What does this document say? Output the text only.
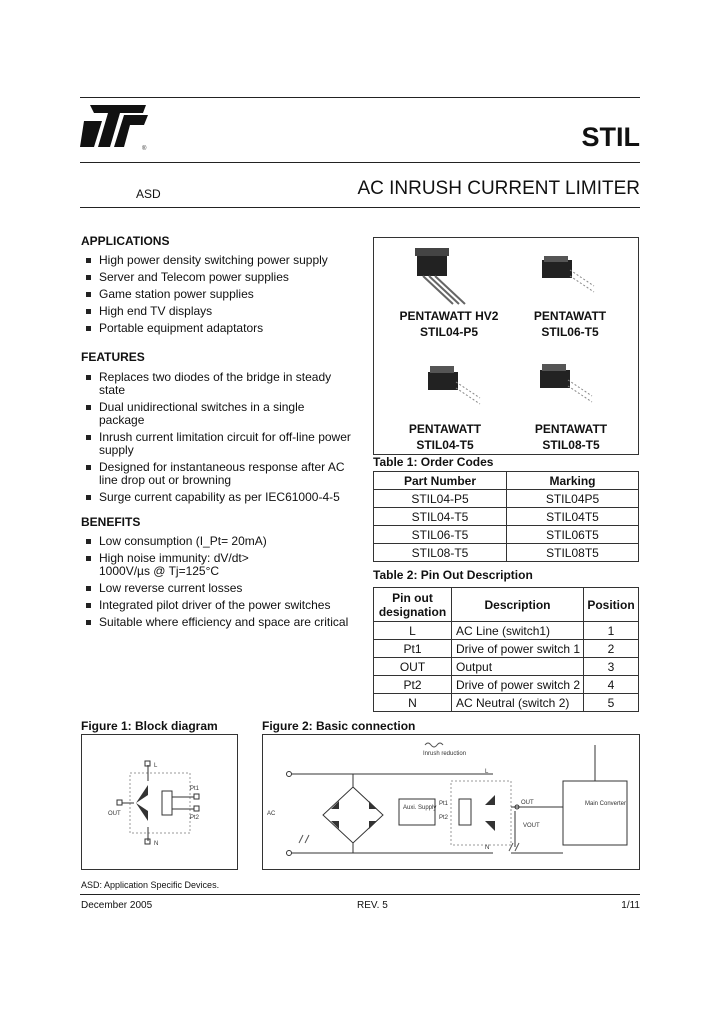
®	STIL
ASD	AC INRUSH CURRENT LIMITER
APPLICATIONS
High power density switching power supply
Server and Telecom power supplies
Game station power supplies
High end TV displays
Portable equipment adaptators
FEATURES
Replaces two diodes of the bridge in steady state
Dual unidirectional switches in a single package
Inrush current limitation circuit for off-line power supply
Designed for instantaneous response after AC line drop out or browning
Surge current capability as per IEC61000-4-5
BENEFITS
Low consumption (I_Pt= 20mA)
High noise immunity: dV/dt> 1000V/µs @ Tj=125°C
Low reverse current losses
Integrated pilot driver of the power switches
Suitable where efficiency and space are critical
PENTAWATT HV2
STIL04-P5
PENTAWATT
STIL06-T5
PENTAWATT
STIL04-T5
PENTAWATT
STIL08-T5
Table 1: Order Codes
Part Number	Marking
STIL04-P5	STIL04P5
STIL04-T5	STIL04T5
STIL06-T5	STIL06T5
STIL08-T5	STIL08T5
Table 2: Pin Out Description
Pin out designation	Description	Position
L	AC Line (switch1)	1
Pt1	Drive of power switch 1	2
OUT	Output	3
Pt2	Drive of power switch 2	4
N	AC Neutral (switch 2)	5
Figure 1: Block diagram
L
N
OUT
Pt1
Pt2
Figure 2: Basic connection
Inrush reduction
AC
Auxi. Supply
Pt1
Pt2
L
N
OUT
VOUT
Main Converter
ASD: Application Specific Devices.
December 2005	REV. 5	1/11
